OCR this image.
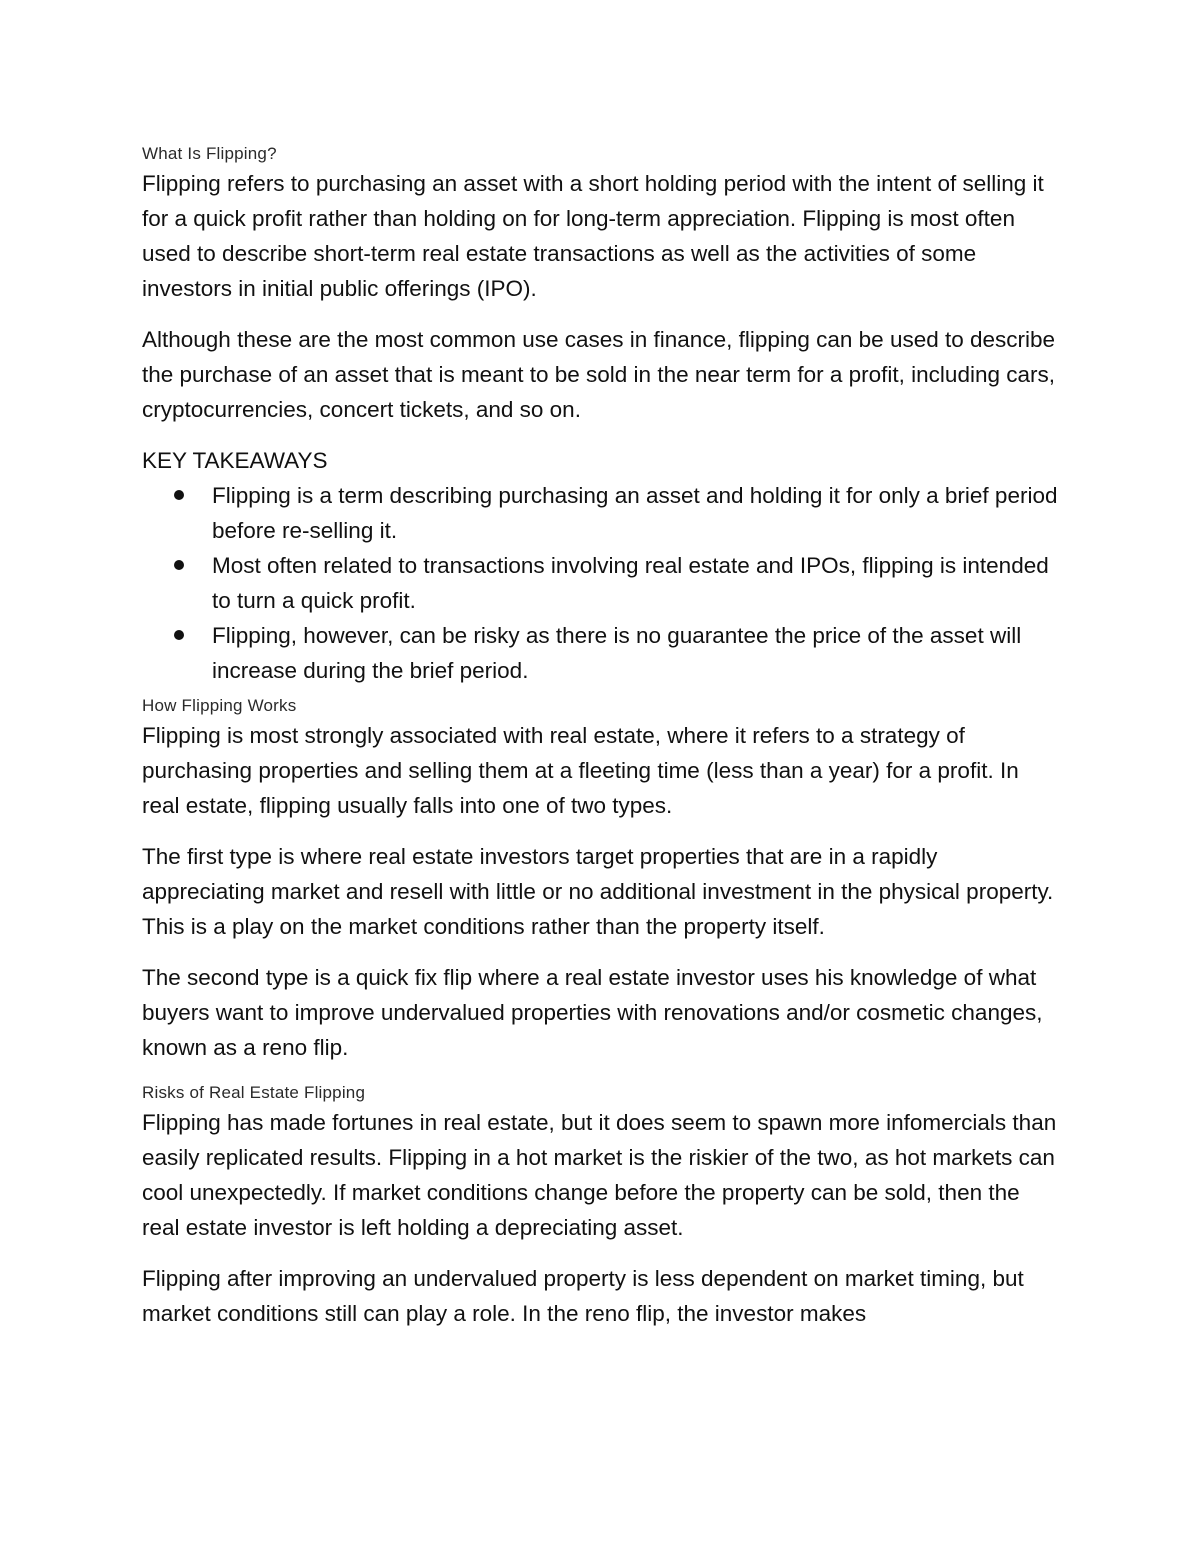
What Is Flipping?

Flipping refers to purchasing an asset with a short holding period with the intent of selling it for a quick profit rather than holding on for long-term appreciation. Flipping is most often used to describe short-term real estate transactions as well as the activities of some investors in initial public offerings (IPO).

Although these are the most common use cases in finance, flipping can be used to describe the purchase of an asset that is meant to be sold in the near term for a profit, including cars, cryptocurrencies, concert tickets, and so on.

KEY TAKEAWAYS

Flipping is a term describing purchasing an asset and holding it for only a brief period before re-selling it.
Most often related to transactions involving real estate and IPOs, flipping is intended to turn a quick profit.
Flipping, however, can be risky as there is no guarantee the price of the asset will increase during the brief period.

How Flipping Works

Flipping is most strongly associated with real estate, where it refers to a strategy of purchasing properties and selling them at a fleeting time (less than a year) for a profit. In real estate, flipping usually falls into one of two types.

The first type is where real estate investors target properties that are in a rapidly appreciating market and resell with little or no additional investment in the physical property. This is a play on the market conditions rather than the property itself.

The second type is a quick fix flip where a real estate investor uses his knowledge of what buyers want to improve undervalued properties with renovations and/or cosmetic changes, known as a reno flip.

Risks of Real Estate Flipping

Flipping has made fortunes in real estate, but it does seem to spawn more infomercials than easily replicated results. Flipping in a hot market is the riskier of the two, as hot markets can cool unexpectedly. If market conditions change before the property can be sold, then the real estate investor is left holding a depreciating asset.

Flipping after improving an undervalued property is less dependent on market timing, but market conditions still can play a role. In the reno flip, the investor makes
